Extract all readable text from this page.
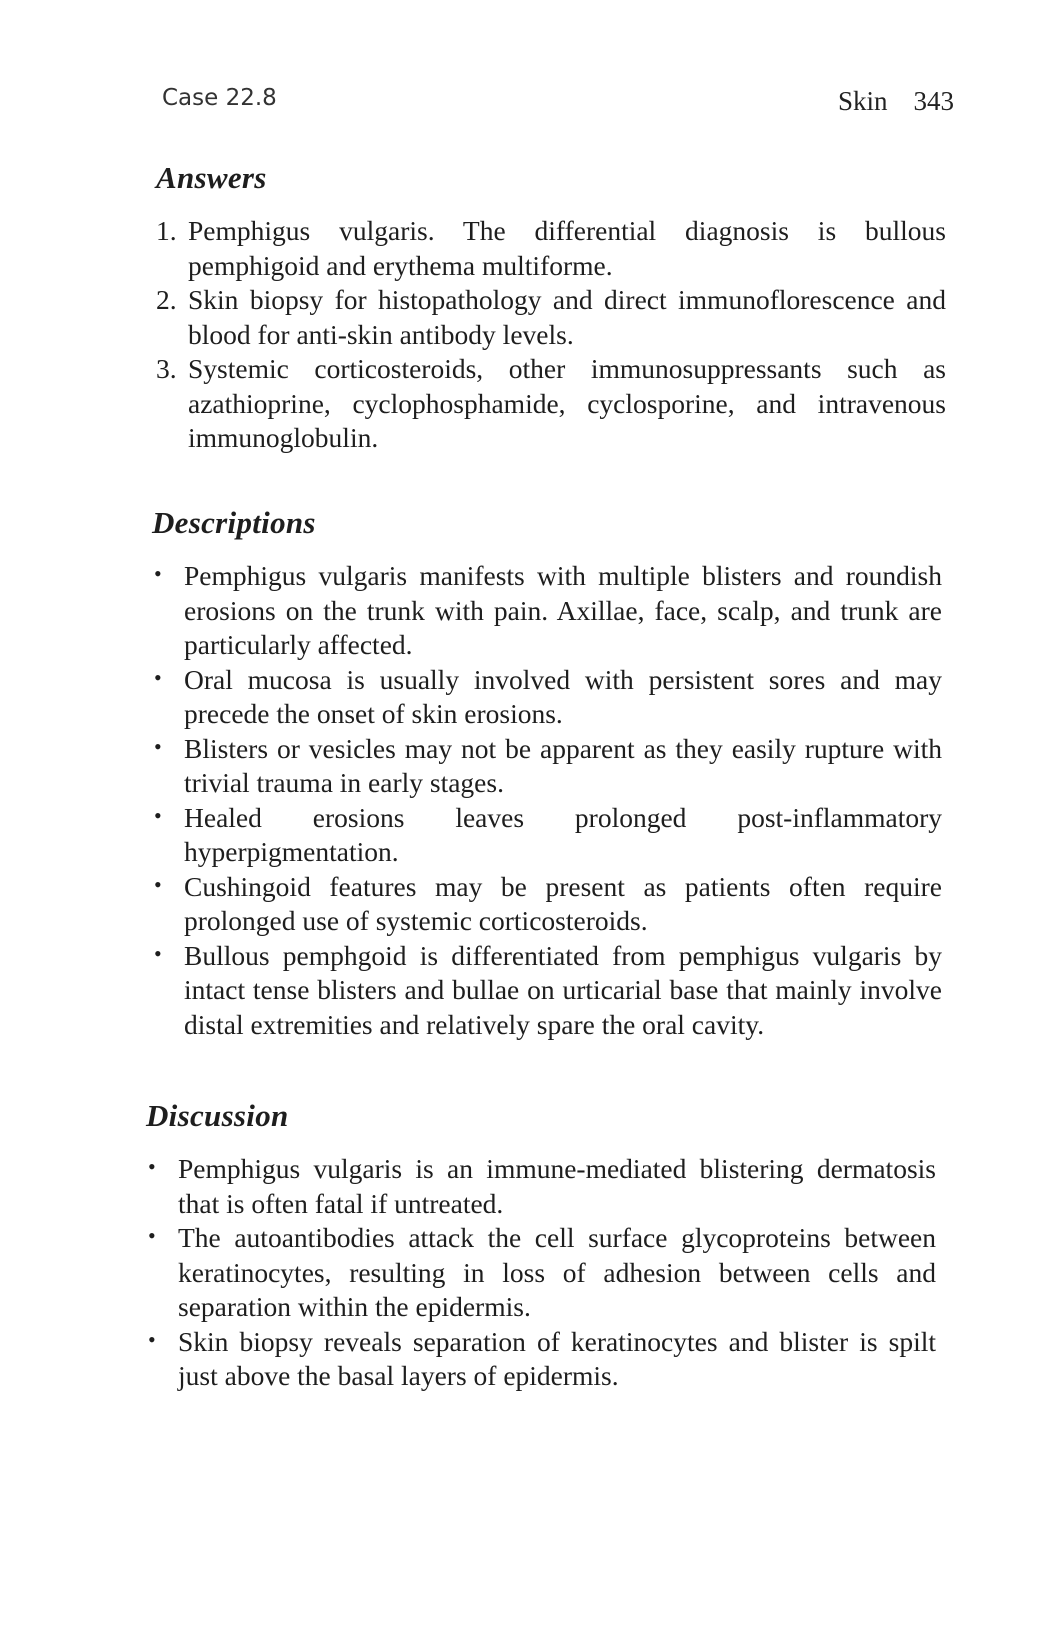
Case 22.8	Skin 343
Answers
1. Pemphigus vulgaris. The differential diagnosis is bullous pemphigoid and erythema multiforme.
2. Skin biopsy for histopathology and direct immunoflorescence and blood for anti-skin antibody levels.
3. Systemic corticosteroids, other immunosuppressants such as azathioprine, cyclophosphamide, cyclosporine, and intravenous immunoglobulin.
Descriptions
• Pemphigus vulgaris manifests with multiple blisters and roundish erosions on the trunk with pain. Axillae, face, scalp, and trunk are particularly affected.
• Oral mucosa is usually involved with persistent sores and may precede the onset of skin erosions.
• Blisters or vesicles may not be apparent as they easily rupture with trivial trauma in early stages.
• Healed erosions leaves prolonged post-inflammatory hyperpigmentation.
• Cushingoid features may be present as patients often require prolonged use of systemic corticosteroids.
• Bullous pemphgoid is differentiated from pemphigus vulgaris by intact tense blisters and bullae on urticarial base that mainly involve distal extremities and relatively spare the oral cavity.
Discussion
• Pemphigus vulgaris is an immune-mediated blistering dermatosis that is often fatal if untreated.
• The autoantibodies attack the cell surface glycoproteins between keratinocytes, resulting in loss of adhesion between cells and separation within the epidermis.
• Skin biopsy reveals separation of keratinocytes and blister is spilt just above the basal layers of epidermis.
